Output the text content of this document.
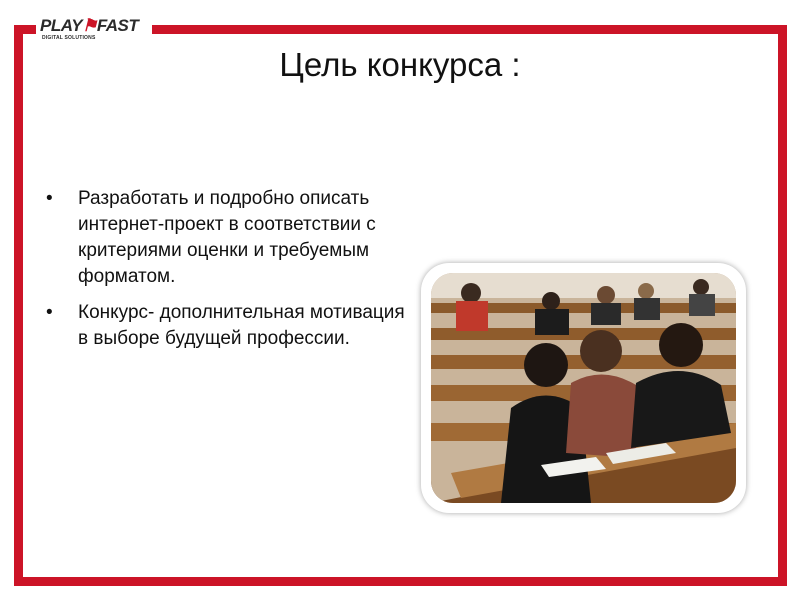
PLAY⚑FAST
DIGITAL SOLUTIONS
Цель конкурса :
• Разработать и подробно описать интернет-проект в соответствии с критериями оценки и требуемым форматом.
• Конкурс- дополнительная мотивация в выборе будущей профессии.
